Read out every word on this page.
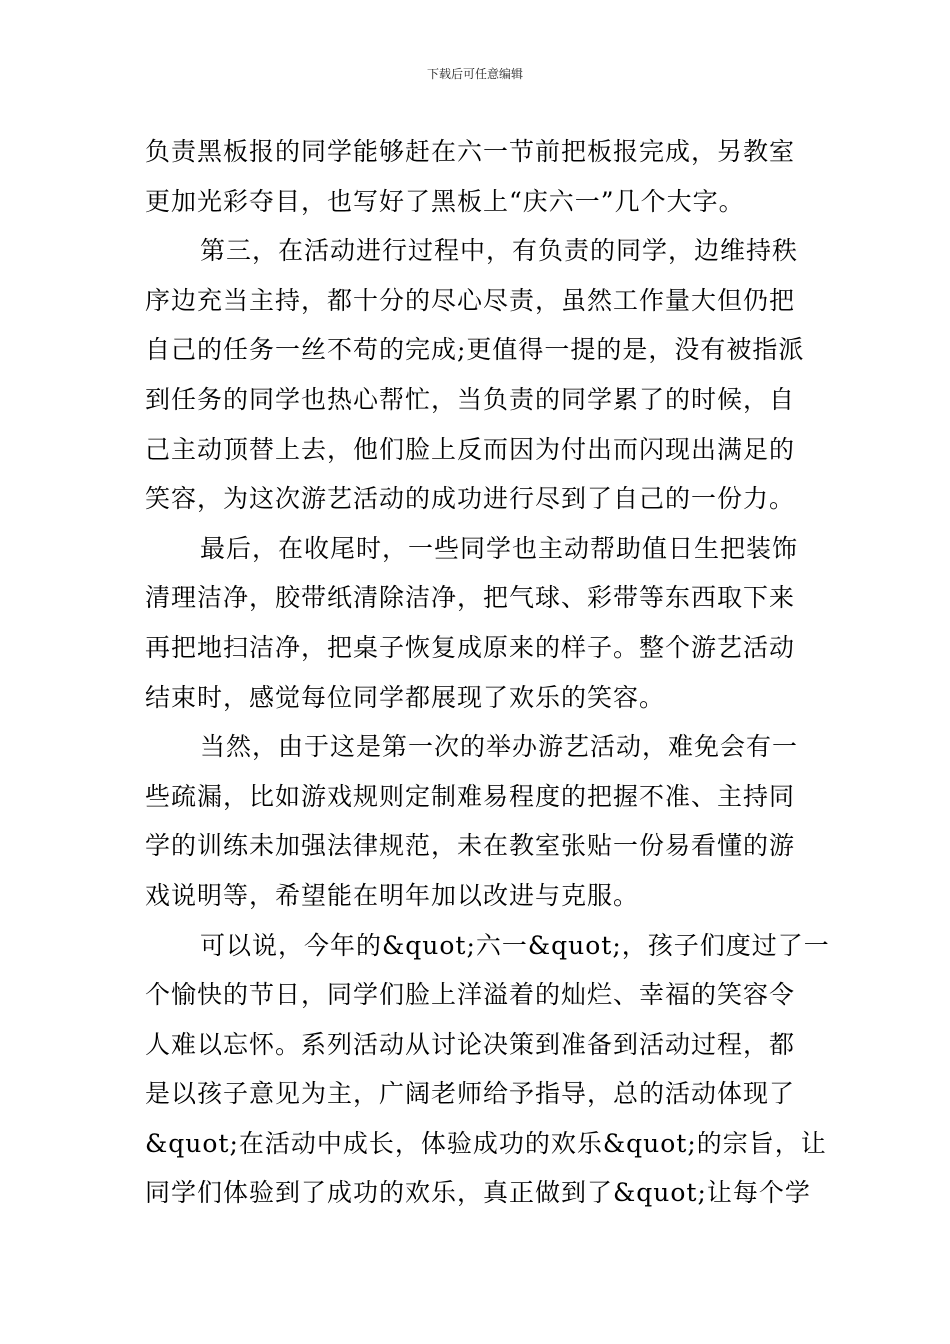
下载后可任意编辑
负责黑板报的同学能够赶在六一节前把板报完成，另教室
更加光彩夺目，也写好了黑板上“庆六一”几个大字。
第三，在活动进行过程中，有负责的同学，边维持秩
序边充当主持，都十分的尽心尽责，虽然工作量大但仍把
自己的任务一丝不苟的完成;更值得一提的是，没有被指派
到任务的同学也热心帮忙，当负责的同学累了的时候，自
己主动顶替上去，他们脸上反而因为付出而闪现出满足的
笑容，为这次游艺活动的成功进行尽到了自己的一份力。
最后，在收尾时，一些同学也主动帮助值日生把装饰
清理洁净，胶带纸清除洁净，把气球、彩带等东西取下来
再把地扫洁净，把桌子恢复成原来的样子。整个游艺活动
结束时，感觉每位同学都展现了欢乐的笑容。
当然，由于这是第一次的举办游艺活动，难免会有一
些疏漏，比如游戏规则定制难易程度的把握不准、主持同
学的训练未加强法律规范，未在教室张贴一份易看懂的游
戏说明等，希望能在明年加以改进与克服。
可以说，今年的&quot;六一&quot;，孩子们度过了一
个愉快的节日，同学们脸上洋溢着的灿烂、幸福的笑容令
人难以忘怀。系列活动从讨论决策到准备到活动过程，都
是以孩子意见为主，广阔老师给予指导，总的活动体现了
&quot;在活动中成长，体验成功的欢乐&quot;的宗旨，让
同学们体验到了成功的欢乐，真正做到了&quot;让每个学
